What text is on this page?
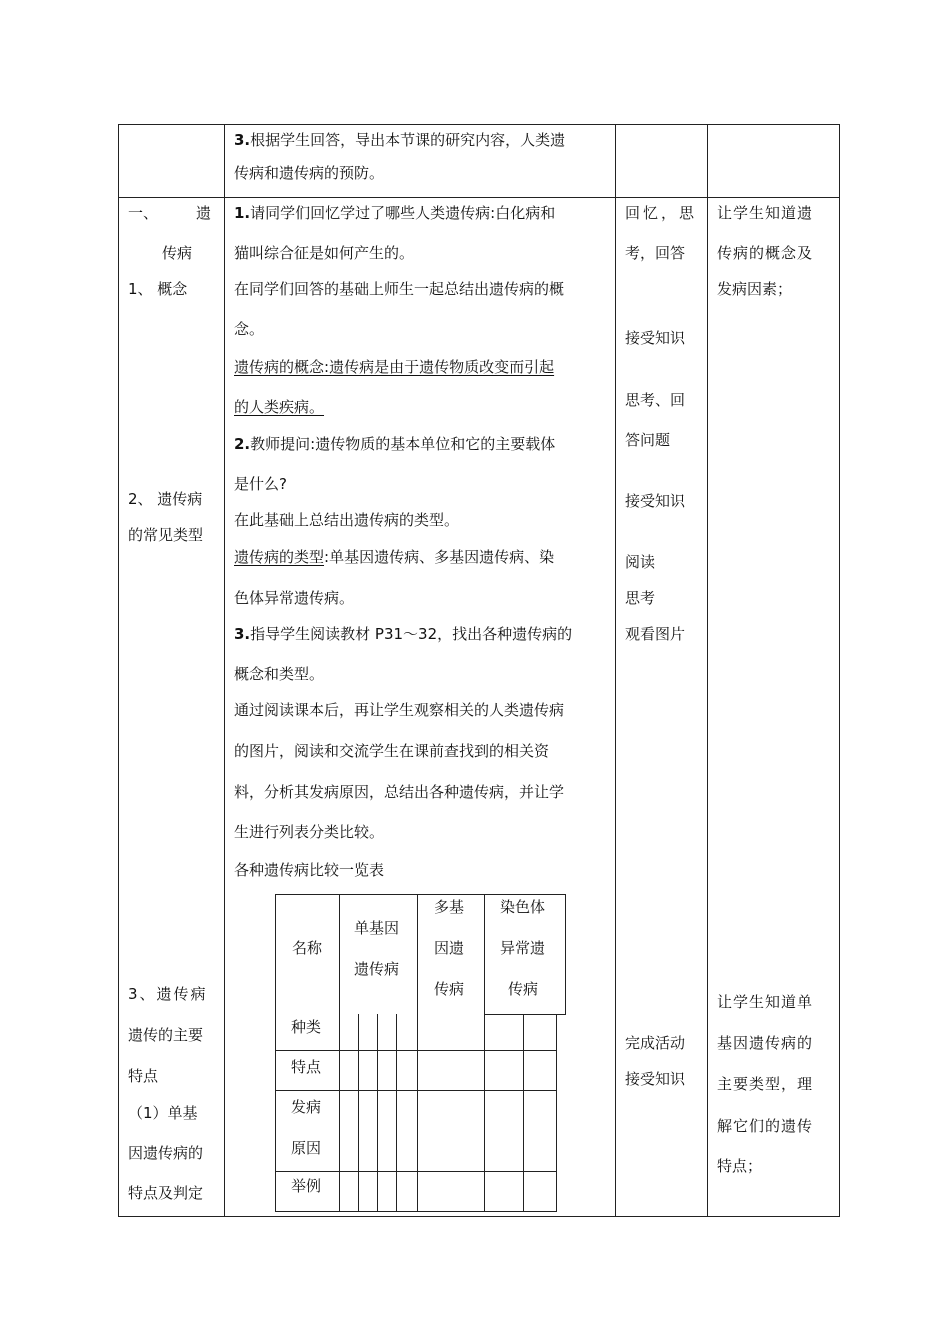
3.根据学生回答，导出本节课的研究内容，人类遗
传病和遗传病的预防。
一、	遗
传病
1、 概念
2、 遗传病
的常见类型
3、遗传病
遗传的主要
特点
（1）单基
因遗传病的
特点及判定
1.请同学们回忆学过了哪些人类遗传病:白化病和
猫叫综合征是如何产生的。
在同学们回答的基础上师生一起总结出遗传病的概
念。
遗传病的概念:遗传病是由于遗传物质改变而引起
的人类疾病。
2.教师提问:遗传物质的基本单位和它的主要载体
是什么?
在此基础上总结出遗传病的类型。
遗传病的类型:单基因遗传病、多基因遗传病、染
色体异常遗传病。
3.指导学生阅读教材 P31～32，找出各种遗传病的
概念和类型。
通过阅读课本后，再让学生观察相关的人类遗传病
的图片，阅读和交流学生在课前查找到的相关资
料，分析其发病原因，总结出各种遗传病，并让学
生进行列表分类比较。
各种遗传病比较一览表
名称
单基因
遗传病
多基
因遗
传病
染色体
异常遗
传病
种类
特点
发病
原因
举例
回忆，思
考，回答
接受知识
思考、回
答问题
接受知识
阅读
思考
观看图片
完成活动
接受知识
让学生知道遗
传病的概念及
发病因素；
让学生知道单
基因遗传病的
主要类型，理
解它们的遗传
特点；
